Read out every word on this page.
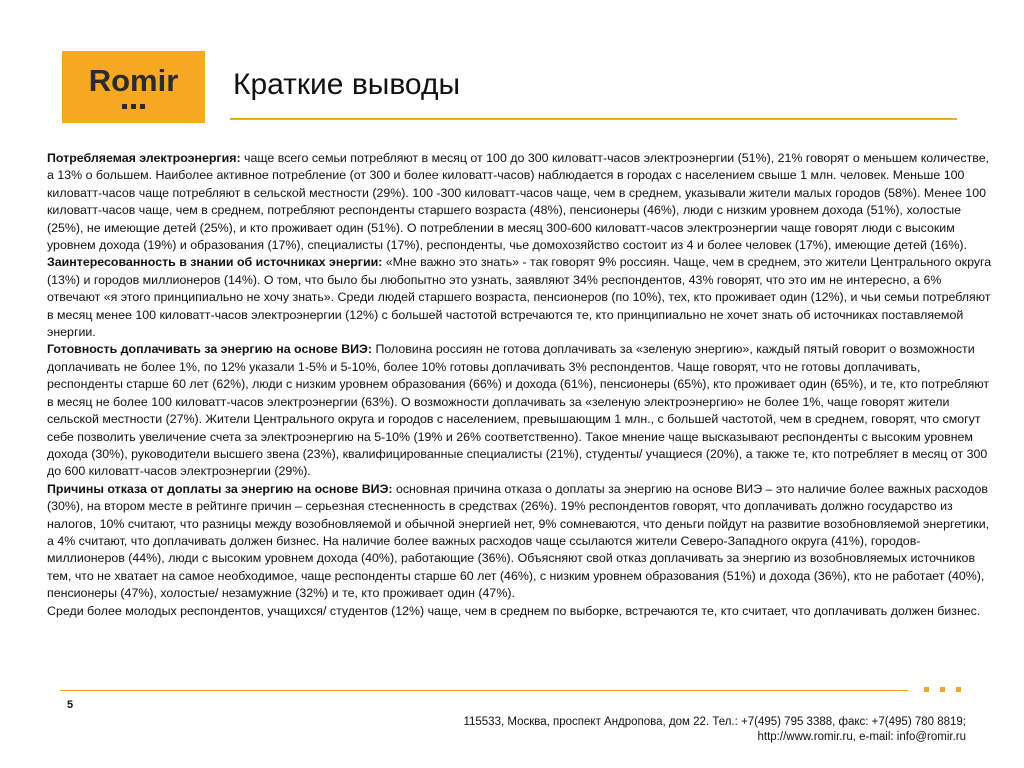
Romir	Краткие выводы

Потребляемая электроэнергия: чаще всего семьи потребляют в месяц от 100 до 300 киловатт-часов электроэнергии (51%), 21% говорят о меньшем количестве, а 13% о большем. Наиболее активное потребление (от 300 и более киловатт-часов) наблюдается в городах с населением свыше 1 млн. человек. Меньше 100 киловатт-часов чаще потребляют в сельской местности (29%). 100 -300 киловатт-часов чаще, чем в среднем, указывали жители малых городов (58%). Менее 100 киловатт-часов чаще, чем в среднем, потребляют респонденты старшего возраста (48%), пенсионеры (46%), люди с низким уровнем дохода (51%), холостые (25%), не имеющие детей (25%), и кто проживает один (51%). О потреблении в месяц 300-600 киловатт-часов электроэнергии чаще говорят люди с высоким уровнем дохода (19%) и образования (17%), специалисты (17%), респонденты, чье домохозяйство состоит из 4 и более человек (17%), имеющие детей (16%).

Заинтересованность в знании об источниках энергии: «Мне важно это знать» - так говорят 9% россиян. Чаще, чем в среднем, это жители Центрального округа (13%) и городов миллионеров (14%). О том, что было бы любопытно это узнать, заявляют 34% респондентов, 43% говорят, что это им не интересно, а 6% отвечают «я этого принципиально не хочу знать». Среди людей старшего возраста, пенсионеров (по 10%), тех, кто проживает один (12%), и чьи семьи потребляют в месяц менее 100 киловатт-часов электроэнергии (12%) с большей частотой встречаются те, кто принципиально не хочет знать об источниках поставляемой энергии.

Готовность доплачивать за энергию на основе ВИЭ: Половина россиян не готова доплачивать за «зеленую энергию», каждый пятый говорит о возможности доплачивать не более 1%, по 12% указали 1-5% и 5-10%, более 10% готовы доплачивать 3% респондентов. Чаще говорят, что не готовы доплачивать, респонденты старше 60 лет (62%), люди с низким уровнем образования (66%) и дохода (61%), пенсионеры (65%), кто проживает один (65%), и те, кто потребляют в месяц не более 100 киловатт-часов электроэнергии (63%). О возможности доплачивать за «зеленую электроэнергию» не более 1%, чаще говорят жители сельской местности (27%). Жители Центрального округа и городов с населением, превышающим 1 млн., с большей частотой, чем в среднем, говорят, что смогут себе позволить увеличение счета за электроэнергию на 5-10% (19% и 26% соответственно). Такое мнение чаще высказывают респонденты с высоким уровнем дохода (30%), руководители высшего звена (23%), квалифицированные специалисты (21%), студенты/ учащиеся (20%), а также те, кто потребляет в месяц от 300 до 600 киловатт-часов электроэнергии (29%).

Причины отказа от доплаты за энергию на основе ВИЭ: основная причина отказа о доплаты за энергию на основе ВИЭ – это наличие более важных расходов (30%), на втором месте в рейтинге причин – серьезная стесненность в средствах (26%). 19% респондентов говорят, что доплачивать должно государство из налогов, 10% считают, что разницы между возобновляемой и обычной энергией нет, 9% сомневаются, что деньги пойдут на развитие возобновляемой энергетики, а 4% считают, что доплачивать должен бизнес. На наличие более важных расходов чаще ссылаются жители Северо-Западного округа (41%), городов-миллионеров (44%), люди с высоким уровнем дохода (40%), работающие (36%). Объясняют свой отказ доплачивать за энергию из возобновляемых источников тем, что не хватает на самое необходимое, чаще респонденты старше 60 лет (46%), с низким уровнем образования (51%) и дохода (36%), кто не работает (40%), пенсионеры (47%), холостые/ незамужние (32%) и те, кто проживает один (47%).

Среди более молодых респондентов, учащихся/ студентов (12%) чаще, чем в среднем по выборке, встречаются те, кто считает, что доплачивать должен бизнес.

5
115533, Москва, проспект Андропова, дом 22. Тел.: +7(495) 795 3388, факс: +7(495) 780 8819;
http://www.romir.ru, e-mail: info@romir.ru
